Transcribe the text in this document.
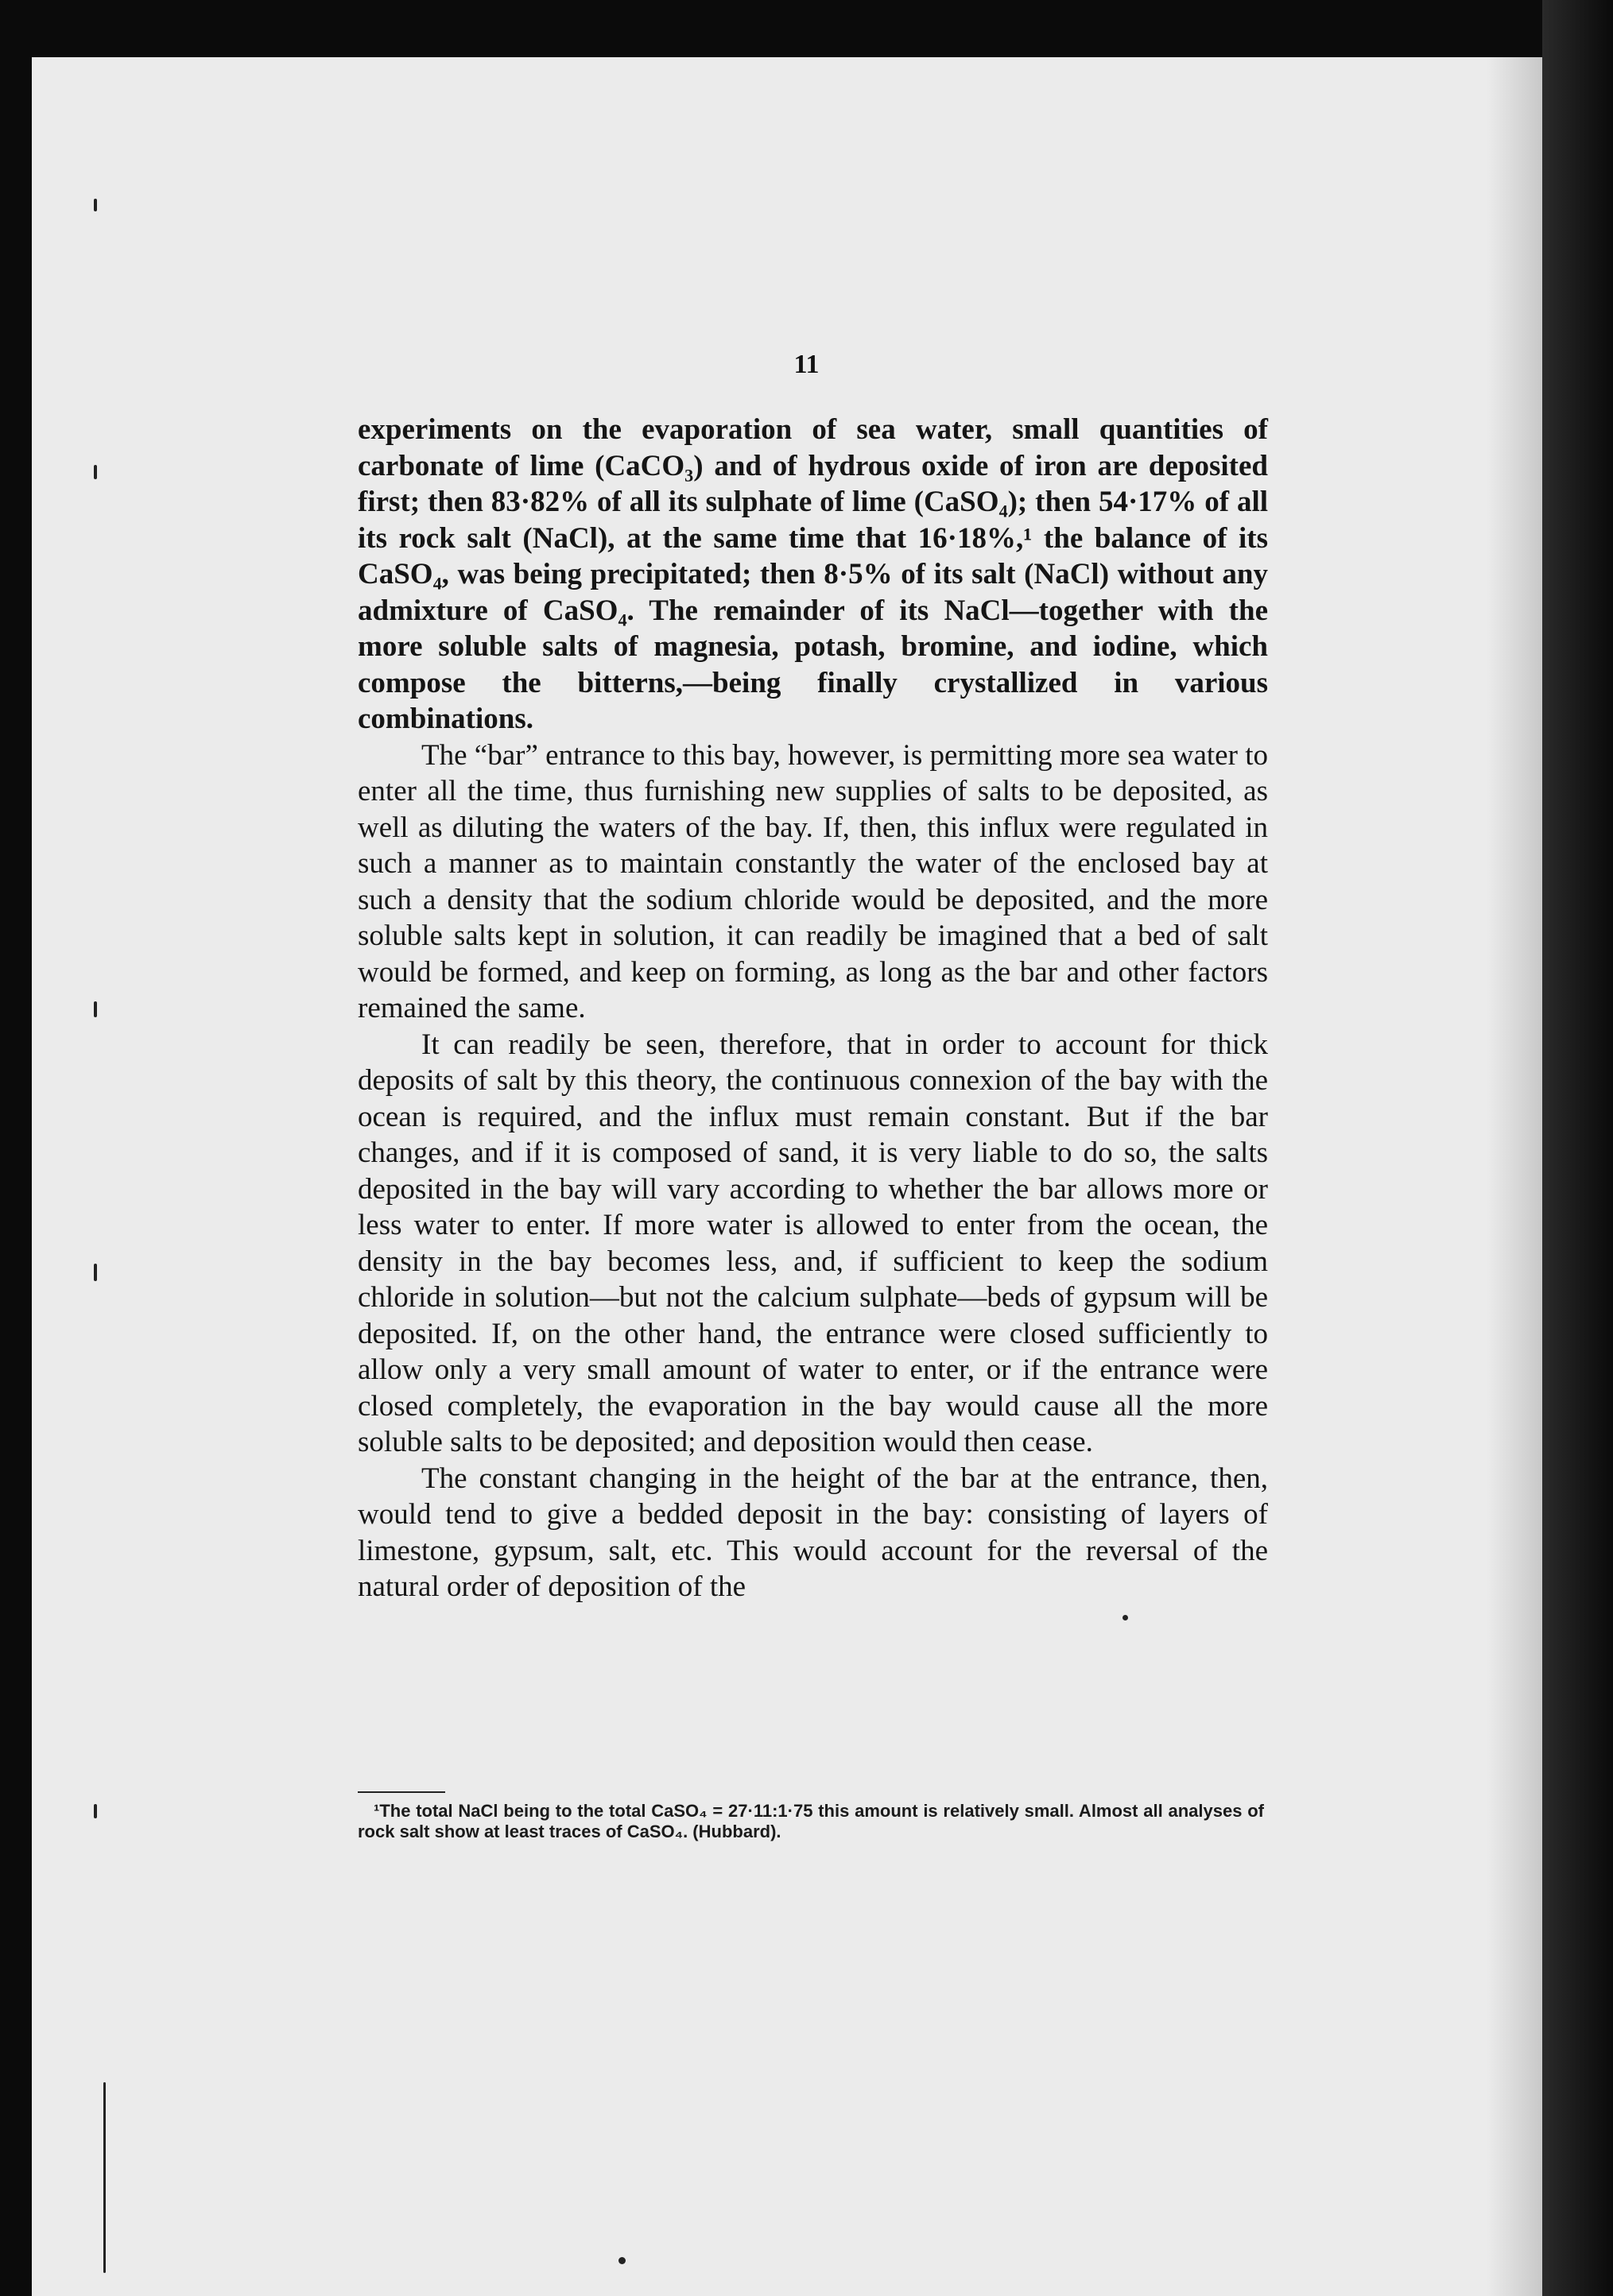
11

experiments on the evaporation of sea water, small quantities of carbonate of lime (CaCO₃) and of hydrous oxide of iron are deposited first; then 83·82% of all its sulphate of lime (CaSO₄); then 54·17% of all its rock salt (NaCl), at the same time that 16·18%,¹ the balance of its CaSO₄, was being precipitated; then 8·5% of its salt (NaCl) without any admixture of CaSO₄. The remainder of its NaCl—together with the more soluble salts of magnesia, potash, bromine, and iodine, which compose the bitterns,—being finally crystallized in various combinations.

The “bar” entrance to this bay, however, is permitting more sea water to enter all the time, thus furnishing new supplies of salts to be deposited, as well as diluting the waters of the bay. If, then, this influx were regulated in such a manner as to maintain constantly the water of the enclosed bay at such a density that the sodium chloride would be deposited, and the more soluble salts kept in solution, it can readily be imagined that a bed of salt would be formed, and keep on forming, as long as the bar and other factors remained the same.

It can readily be seen, therefore, that in order to account for thick deposits of salt by this theory, the continuous connexion of the bay with the ocean is required, and the influx must remain constant. But if the bar changes, and if it is composed of sand, it is very liable to do so, the salts deposited in the bay will vary according to whether the bar allows more or less water to enter. If more water is allowed to enter from the ocean, the density in the bay becomes less, and, if sufficient to keep the sodium chloride in solution—but not the calcium sulphate—beds of gypsum will be deposited. If, on the other hand, the entrance were closed sufficiently to allow only a very small amount of water to enter, or if the entrance were closed completely, the evaporation in the bay would cause all the more soluble salts to be deposited; and deposition would then cease.

The constant changing in the height of the bar at the entrance, then, would tend to give a bedded deposit in the bay: consisting of layers of limestone, gypsum, salt, etc. This would account for the reversal of the natural order of deposition of the

¹The total NaCl being to the total CaSO₄ = 27·11:1·75 this amount is relatively small. Almost all analyses of rock salt show at least traces of CaSO₄. (Hubbard).
